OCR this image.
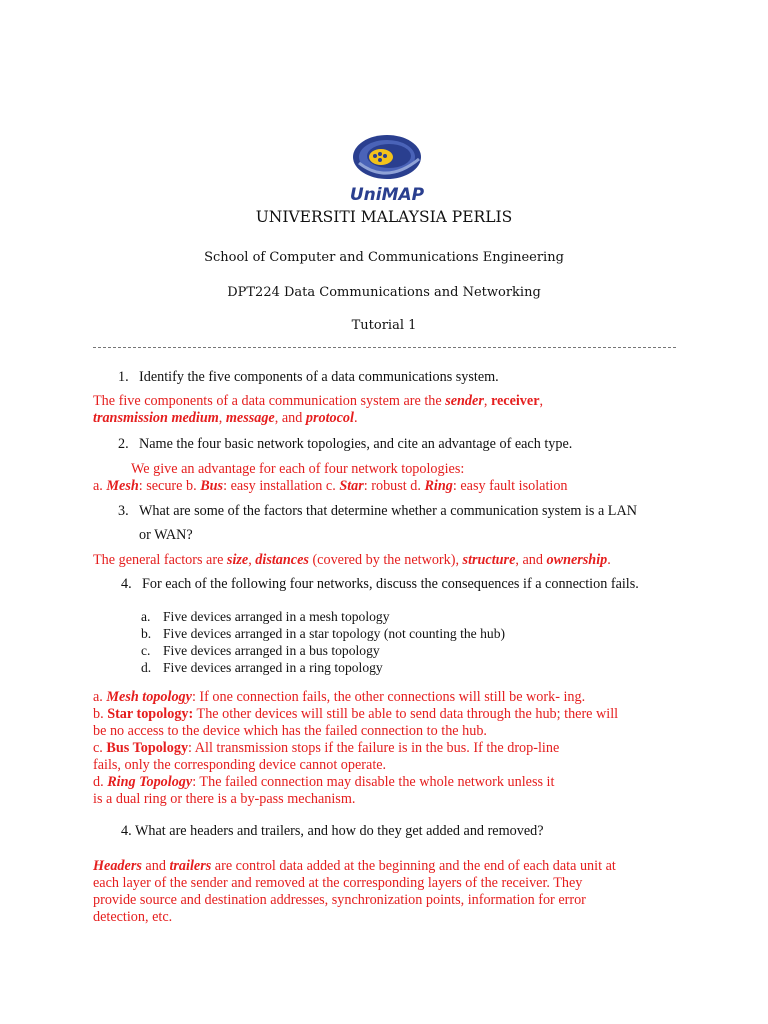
UniMAP
UNIVERSITI MALAYSIA PERLIS
School of Computer and Communications Engineering
DPT224 Data Communications and Networking
Tutorial 1
1. Identify the five components of a data communications system.
The five components of a data communication system are the sender, receiver,
transmission medium, message, and protocol.
2. Name the four basic network topologies, and cite an advantage of each type.
We give an advantage for each of four network topologies:
a. Mesh: secure b. Bus: easy installation c. Star: robust d. Ring: easy fault isolation
3. What are some of the factors that determine whether a communication system is a LAN
or WAN?
The general factors are size, distances (covered by the network), structure, and ownership.
4. For each of the following four networks, discuss the consequences if a connection fails.
a. Five devices arranged in a mesh topology
b. Five devices arranged in a star topology (not counting the hub)
c. Five devices arranged in a bus topology
d. Five devices arranged in a ring topology
a. Mesh topology: If one connection fails, the other connections will still be work- ing.
b. Star topology: The other devices will still be able to send data through the hub; there will
be no access to the device which has the failed connection to the hub.
c. Bus Topology: All transmission stops if the failure is in the bus. If the drop-line
fails, only the corresponding device cannot operate.
d. Ring Topology: The failed connection may disable the whole network unless it
is a dual ring or there is a by-pass mechanism.
4. What are headers and trailers, and how do they get added and removed?
Headers and trailers are control data added at the beginning and the end of each data unit at
each layer of the sender and removed at the corresponding layers of the receiver. They
provide source and destination addresses, synchronization points, information for error
detection, etc.
